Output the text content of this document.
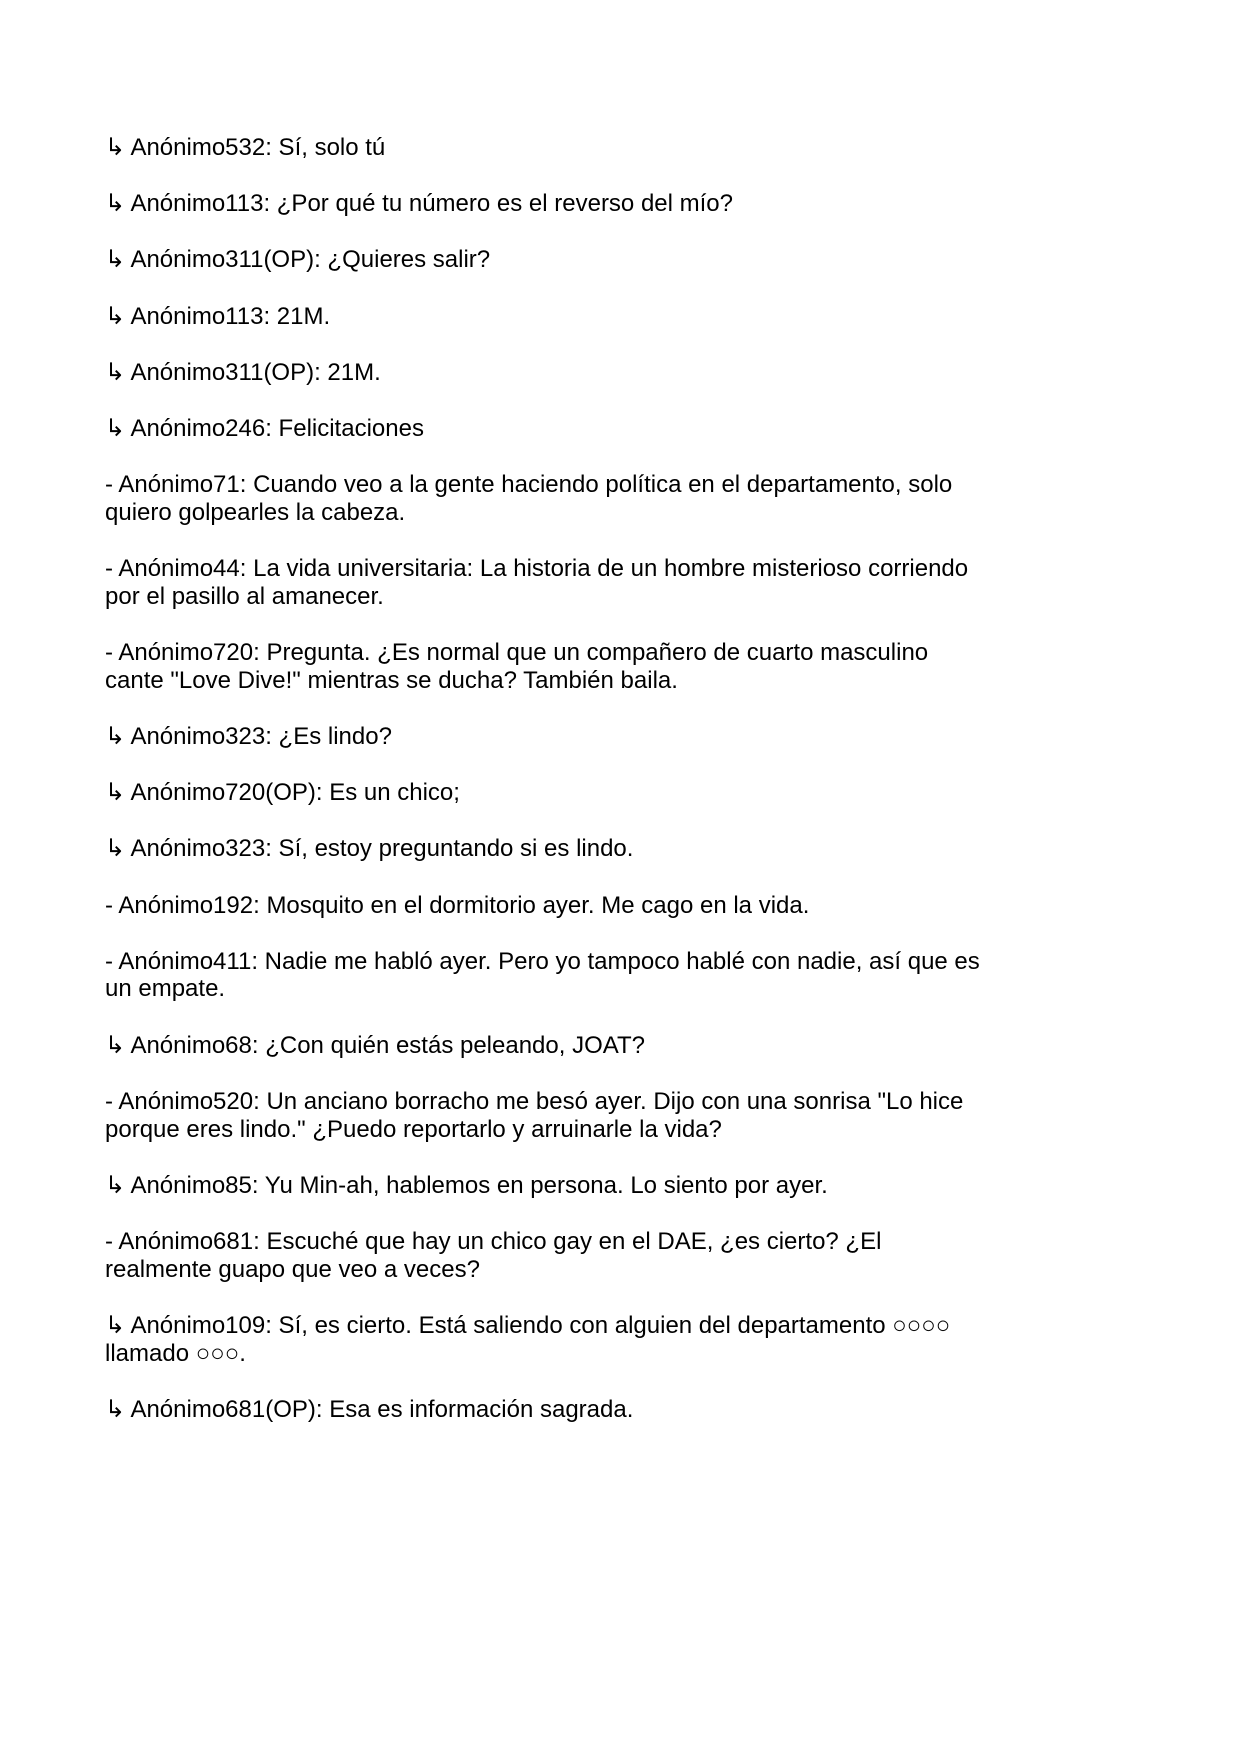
↳ Anónimo532: Sí, solo tú

↳ Anónimo113: ¿Por qué tu número es el reverso del mío?

↳ Anónimo311(OP): ¿Quieres salir?

↳ Anónimo113: 21M.

↳ Anónimo311(OP): 21M.

↳ Anónimo246: Felicitaciones

- Anónimo71: Cuando veo a la gente haciendo política en el departamento, solo

quiero golpearles la cabeza.

- Anónimo44: La vida universitaria: La historia de un hombre misterioso corriendo

por el pasillo al amanecer.

- Anónimo720: Pregunta. ¿Es normal que un compañero de cuarto masculino

cante "Love Dive!" mientras se ducha? También baila.

↳ Anónimo323: ¿Es lindo?

↳ Anónimo720(OP): Es un chico;

↳ Anónimo323: Sí, estoy preguntando si es lindo.

- Anónimo192: Mosquito en el dormitorio ayer. Me cago en la vida.

- Anónimo411: Nadie me habló ayer. Pero yo tampoco hablé con nadie, así que es

un empate.

↳ Anónimo68: ¿Con quién estás peleando, JOAT?

- Anónimo520: Un anciano borracho me besó ayer. Dijo con una sonrisa "Lo hice

porque eres lindo." ¿Puedo reportarlo y arruinarle la vida?

↳ Anónimo85: Yu Min-ah, hablemos en persona. Lo siento por ayer.

- Anónimo681: Escuché que hay un chico gay en el DAE, ¿es cierto? ¿El

realmente guapo que veo a veces?

↳ Anónimo109: Sí, es cierto. Está saliendo con alguien del departamento ○○○○

llamado ○○○.

↳ Anónimo681(OP): Esa es información sagrada.
